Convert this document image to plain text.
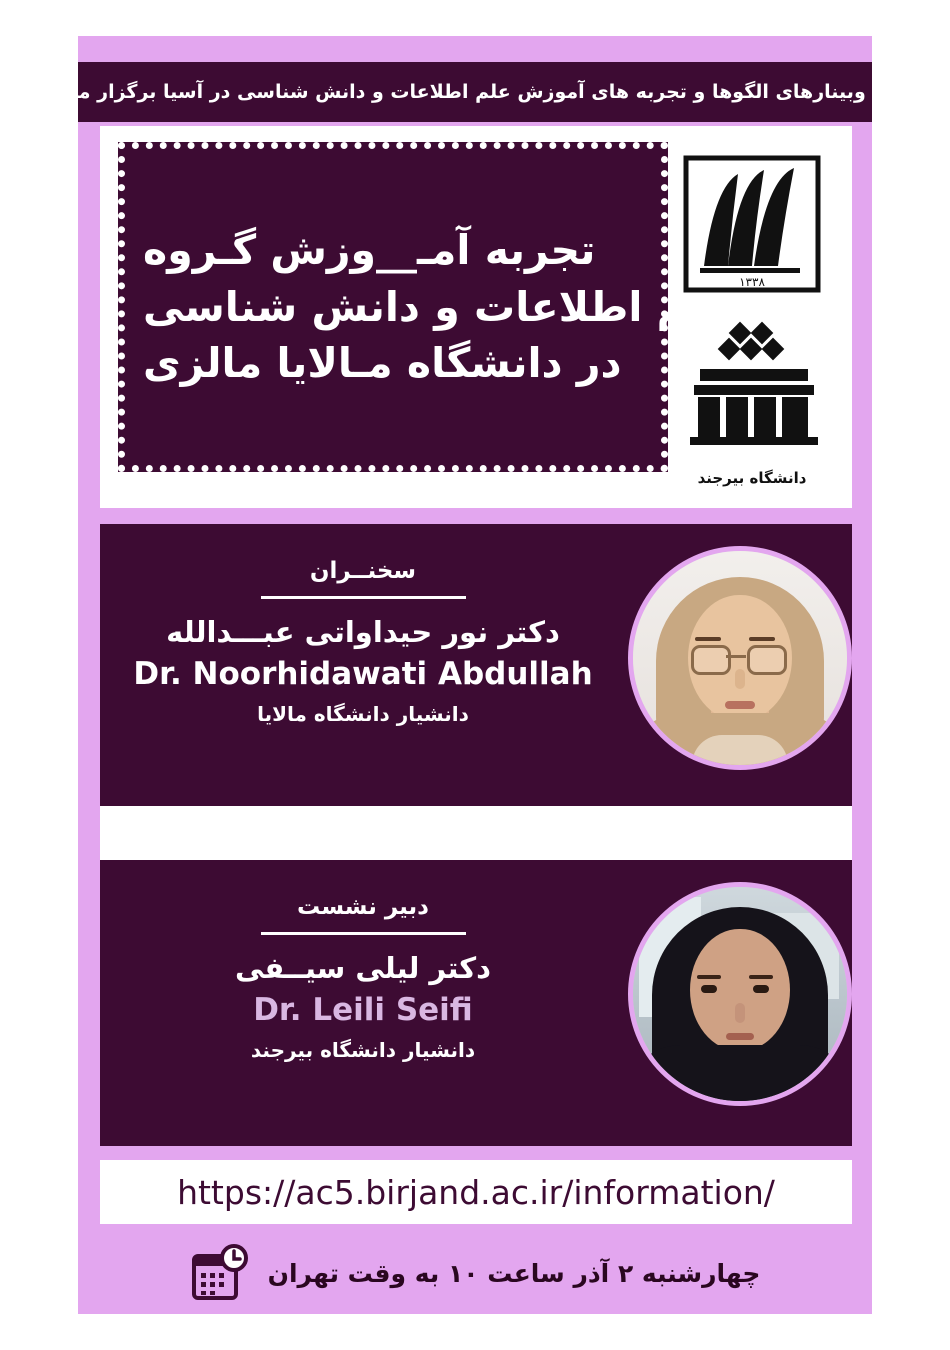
سلسله وبینارهای الگوها و تجربه های آموزش علم اطلاعات و دانش شناسی در آسیا برگزار می شود
تجربه آمـ__وزش گـروه
علم اطلاعات و دانش شناسی
در دانشگاه مـالایا مالزی
۱۳۳۸
دانشگاه بیرجند
سخنــران
دکتر نور حیداواتی عبـــدالله
Dr. Noorhidawati Abdullah
دانشیار دانشگاه مالایا
دبیر نشست
دکتر لیلی سیــفی
Dr. Leili Seifi
دانشیار دانشگاه بیرجند
https://ac5.birjand.ac.ir/information/
چهارشنبه ۲ آذر ساعت ۱۰ به وقت تهران
